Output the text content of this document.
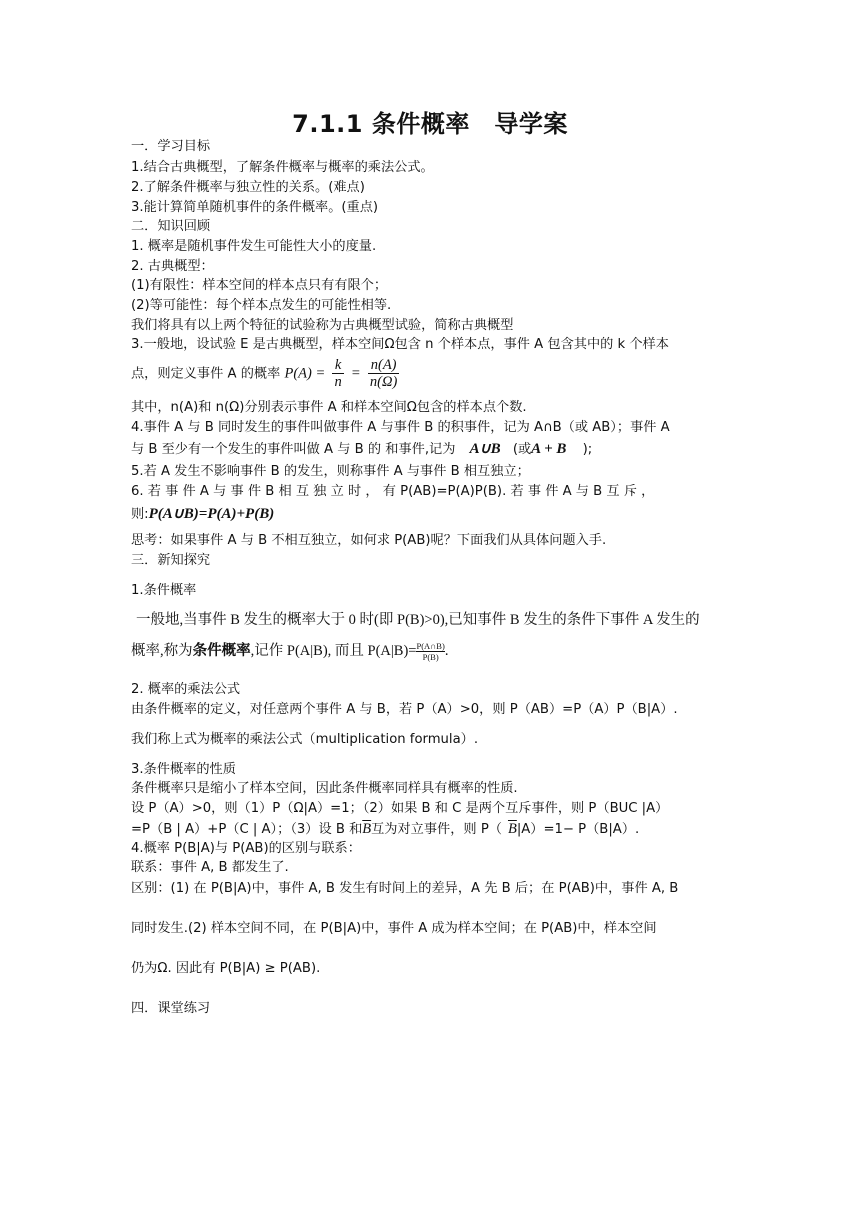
7.1.1 条件概率　导学案
一．学习目标
1.结合古典概型，了解条件概率与概率的乘法公式。
2.了解条件概率与独立性的关系。(难点)
3.能计算简单随机事件的条件概率。(重点)
二．知识回顾
1. 概率是随机事件发生可能性大小的度量.
2. 古典概型：
(1)有限性：样本空间的样本点只有有限个；
(2)等可能性：每个样本点发生的可能性相等.
我们将具有以上两个特征的试验称为古典概型试验，简称古典概型
3.一般地，设试验 E 是古典概型，样本空间Ω包含 n 个样本点，事件 A 包含其中的 k 个样本
点，则定义事件 A 的概率 $P(A) = \frac{k}{n} = \frac{n(A)}{n(\Omega)}$
其中，n(A)和 n(Ω)分别表示事件 A 和样本空间Ω包含的样本点个数.
4.事件 A 与 B 同时发生的事件叫做事件 A 与事件 B 的积事件，记为 A∩B（或 AB）；事件 A
与 B 至少有一个发生的事件叫做 A 与 B 的 和事件,记为 A∪B (或A + B );
5.若 A 发生不影响事件 B 的发生，则称事件 A 与事件 B 相互独立；
6. 若 事 件 A 与 事 件 B 相 互 独 立 时 ， 有 P(AB)=P(A)P(B). 若 事 件 A 与 B 互 斥 ，
则:P(A∪B)=P(A)+P(B)
思考：如果事件 A 与 B 不相互独立，如何求 P(AB)呢？下面我们从具体问题入手.
三．新知探究
1.条件概率
一般地,当事件 B 发生的概率大于 0 时(即 P(B)>0),已知事件 B 发生的条件下事件 A 发生的
概率,称为条件概率,记作 P(A|B), 而且 $P(A|B)= \frac{P(A\cap B)}{P(B)}$ .
2. 概率的乘法公式
由条件概率的定义，对任意两个事件 A 与 B，若 P（A）>0，则 P（AB）=P（A）P（B|A）.
我们称上式为概率的乘法公式（multiplication formula）.
3.条件概率的性质
条件概率只是缩小了样本空间，因此条件概率同样具有概率的性质.
设 P（A）>0，则（1）P（Ω|A）=1；（2）如果 B 和 C 是两个互斥事件，则 P（BUC |A）
=P（B | A）+P（C | A）；（3）设 B 和$\overline{B}$互为对立事件，则 P（ $\overline{B}|A)=1- P(B|A)$.
4.概率 P(B|A)与 P(AB)的区别与联系：
联系：事件 A, B 都发生了.
区别：(1) 在 P(B|A)中，事件 A, B 发生有时间上的差异，A 先 B 后；在 P(AB)中，事件 A, B
同时发生.(2) 样本空间不同，在 P(B|A)中，事件 A 成为样本空间；在 P(AB)中，样本空间
仍为Ω. 因此有 P(B|A) ≥ P(AB).
四．课堂练习
